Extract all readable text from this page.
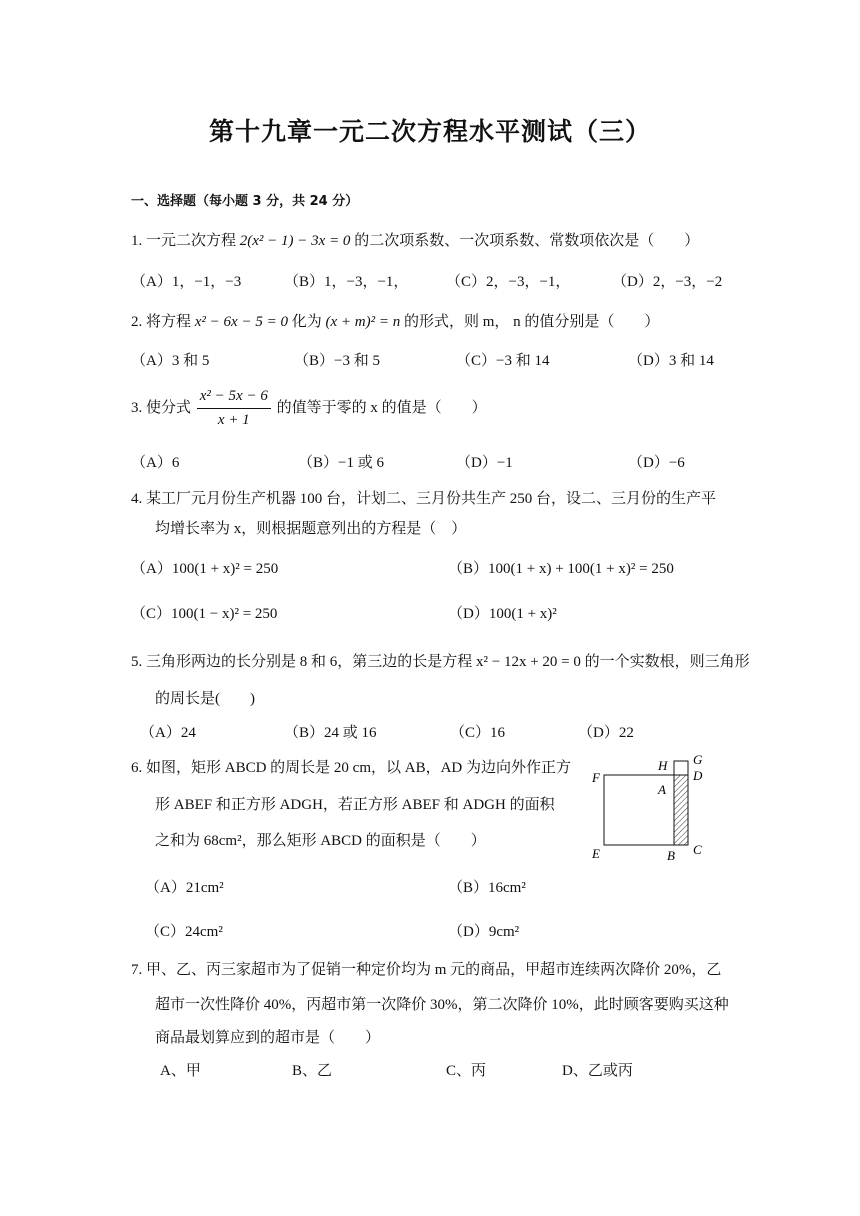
第十九章一元二次方程水平测试（三）
一、选择题（每小题 3 分，共 24 分）
1. 一元二次方程 2(x² − 1) − 3x = 0 的二次项系数、一次项系数、常数项依次是（　　）
（A）1，−1，−3	（B）1，−3，−1，	（C）2，−3，−1，	（D）2，−3，−2
2. 将方程 x² − 6x − 5 = 0 化为 (x + m)² = n 的形式，则 m， n 的值分别是（　　）
（A）3 和 5	（B）−3 和 5	（C）−3 和 14	（D）3 和 14
3. 使分式 $\frac{\text{x² − 5x − 6}}{x + 1}$ 的值等于零的 x 的值是（　　）
（A）6	（B）−1 或 6	（D）−1	（D）−6
4. 某工厂元月份生产机器 100 台，计划二、三月份共生产 250 台，设二、三月份的生产平
均增长率为 x，则根据题意列出的方程是（　）
（A）100(1 + x)² = 250	（B）100(1 + x) + 100(1 + x)² = 250
（C）100(1 − x)² = 250	（D）100(1 + x)²
5. 三角形两边的长分别是 8 和 6，第三边的长是方程 x² − 12x + 20 = 0 的一个实数根，则三角形
的周长是(　　)
（A）24	（B）24 或 16	（C）16	（D）22
6. 如图，矩形 ABCD 的周长是 20 cm，以 AB，AD 为边向外作正方
形 ABEF 和正方形 ADGH，若正方形 ABEF 和 ADGH 的面积
之和为 68cm²，那么矩形 ABCD 的面积是（　　）
（A）21cm²	（B）16cm²
（C）24cm²	（D）9cm²
H G
D
F
A
E	B C
7. 甲、乙、丙三家超市为了促销一种定价均为 m 元的商品，甲超市连续两次降价 20%，乙
超市一次性降价 40%，丙超市第一次降价 30%，第二次降价 10%，此时顾客要购买这种
商品最划算应到的超市是（　　）
A、甲	B、乙	C、丙	D、乙或丙
